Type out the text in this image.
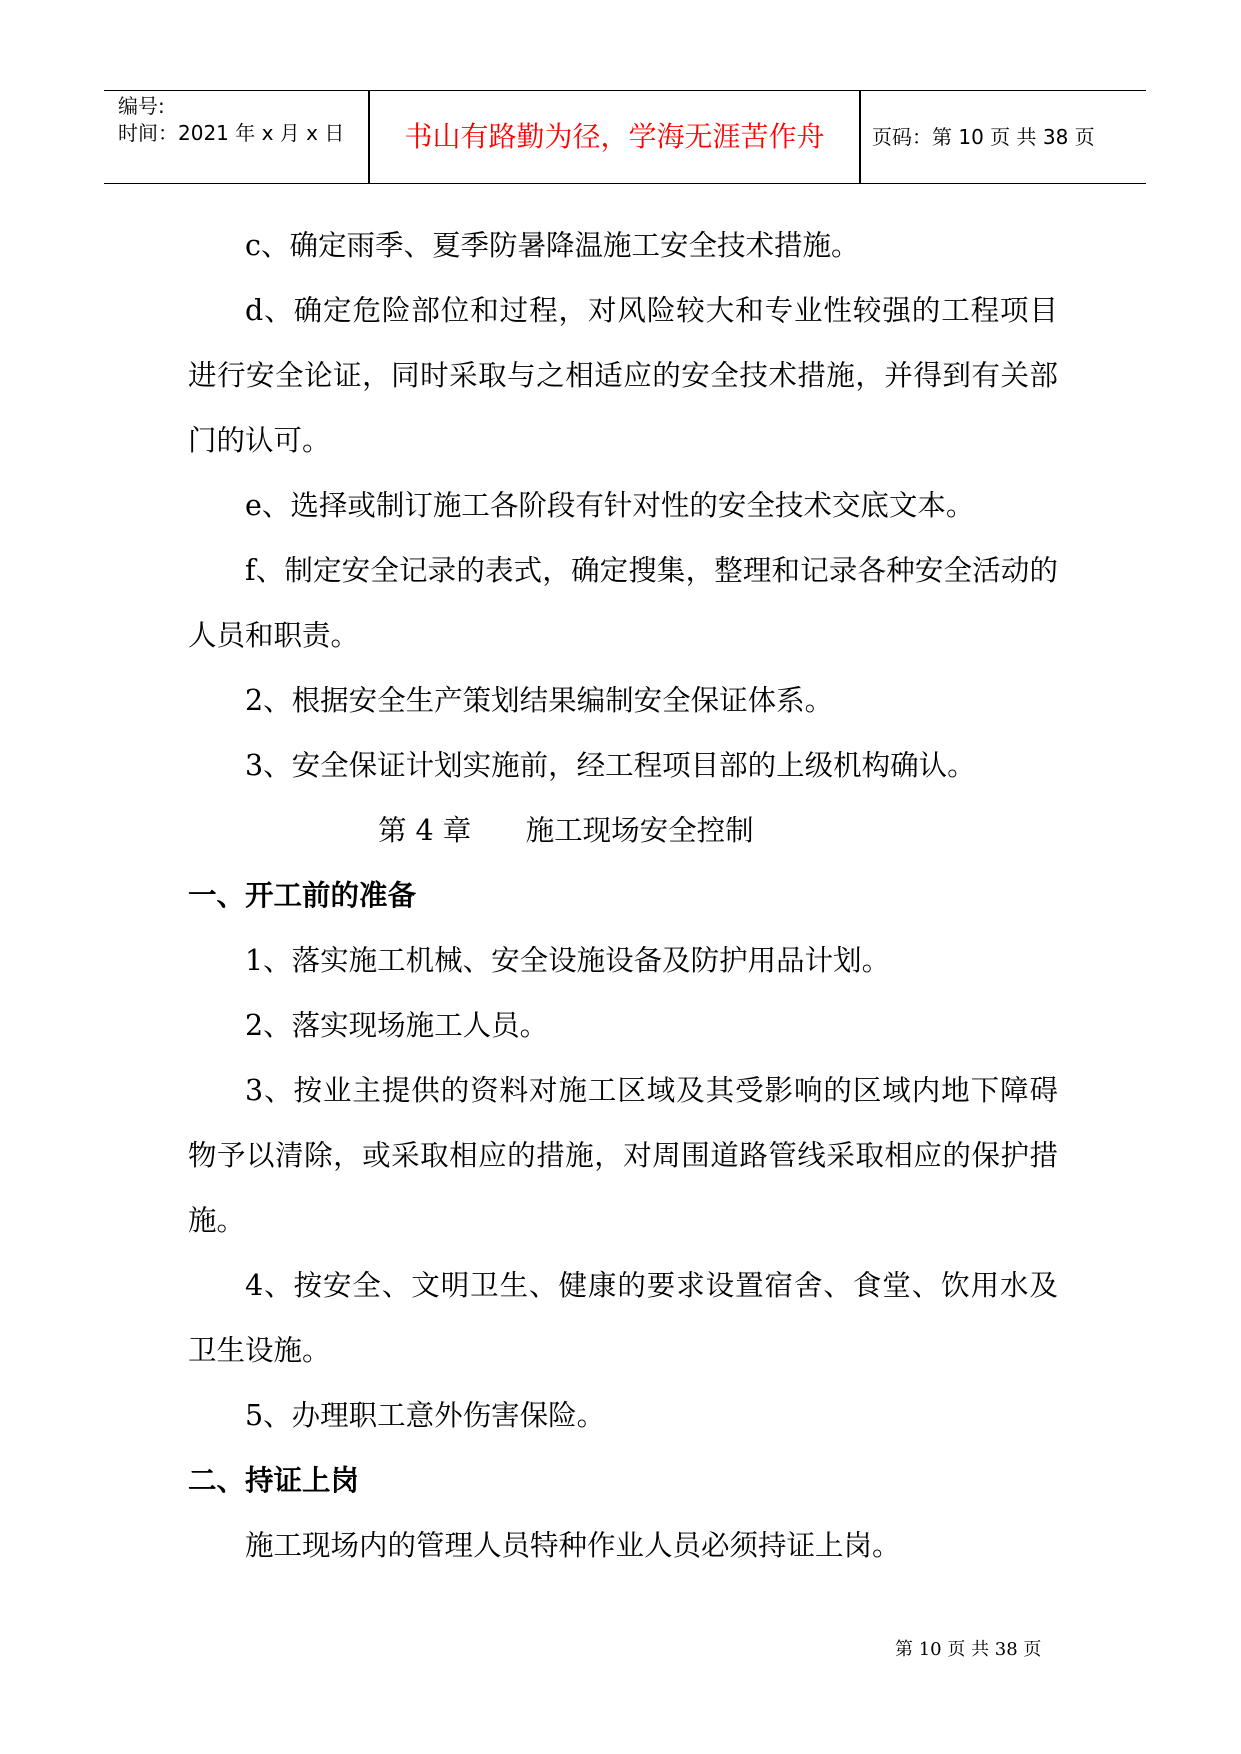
编号:
时间：2021 年 x 月 x 日	书山有路勤为径，学海无涯苦作舟	页码：第 10 页 共 38 页

c、确定雨季、夏季防暑降温施工安全技术措施。

d、确定危险部位和过程，对风险较大和专业性较强的工程项目进行安全论证，同时采取与之相适应的安全技术措施，并得到有关部门的认可。

e、选择或制订施工各阶段有针对性的安全技术交底文本。

f、制定安全记录的表式，确定搜集，整理和记录各种安全活动的人员和职责。

2、根据安全生产策划结果编制安全保证体系。

3、安全保证计划实施前，经工程项目部的上级机构确认。

第 4 章      施工现场安全控制

一、开工前的准备

1、落实施工机械、安全设施设备及防护用品计划。

2、落实现场施工人员。

3、按业主提供的资料对施工区域及其受影响的区域内地下障碍物予以清除，或采取相应的措施，对周围道路管线采取相应的保护措施。

4、按安全、文明卫生、健康的要求设置宿舍、食堂、饮用水及卫生设施。

5、办理职工意外伤害保险。

二、持证上岗

施工现场内的管理人员特种作业人员必须持证上岗。

第 10 页 共 38 页
